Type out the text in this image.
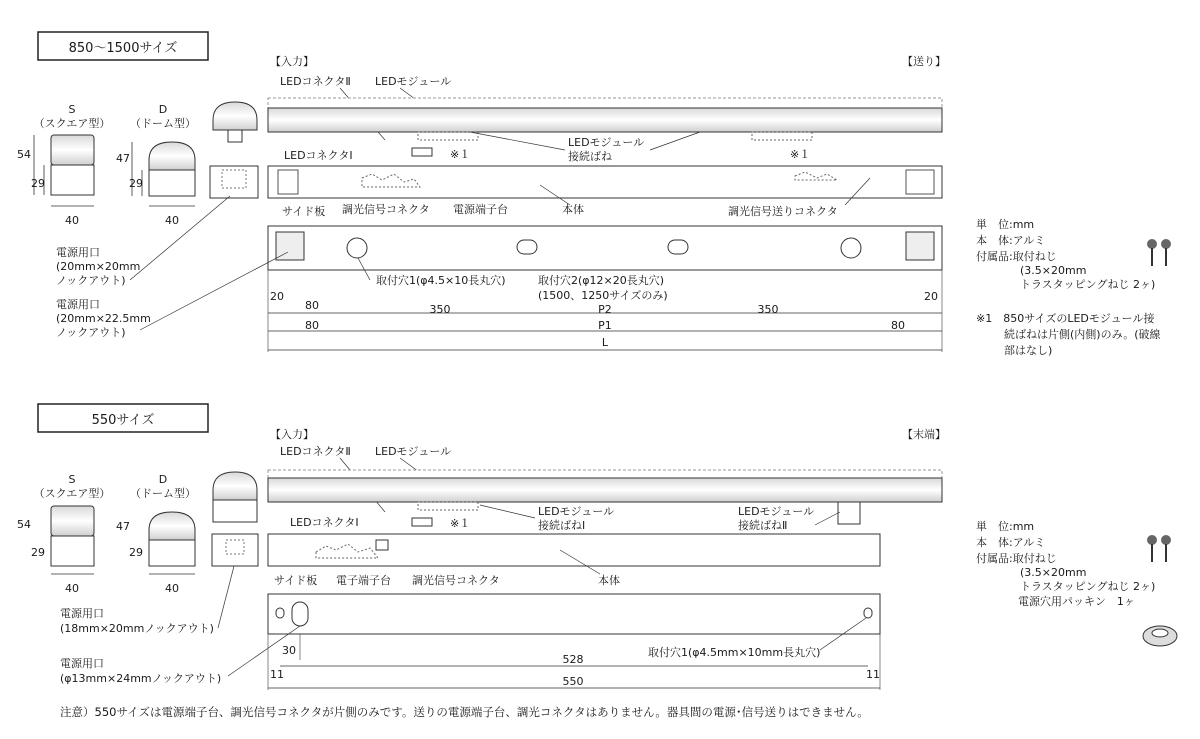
850〜1500サイズ
【入力】	【送り】
S
（スクエア型）
54
29
40
D
（ドーム型）
47
29
40
LEDコネクタⅡ LEDモジュール
※１	※１
LEDモジュール
接続ばね
LEDコネクタⅠ
サイド板 調光信号コネクタ 電源端子台	本体	調光信号送りコネクタ
電源用口
(20mm×20mm
ノックアウト)
電源用口
(20mm×22.5mm
ノックアウト)
取付穴1(φ4.5×10長丸穴)	取付穴2(φ12×20長丸穴)
(1500、1250サイズのみ)
20	20
80	350	P2	350
80	P1	80
L
単　位:mm
本　体:アルミ
付属品:取付ねじ
(3.5×20mm
トラスタッピングねじ 2ヶ)
※1　850サイズのLEDモジュール接
続ばねは片側(内側)のみ。(破線
部はなし)
550サイズ
【入力】	【末端】
S
（スクエア型）
54
29
40
D
（ドーム型）
47
29
40
LEDコネクタⅡ LEDモジュール
※１
LEDモジュール
接続ばねⅠ
LEDモジュール
接続ばねⅡ
LEDコネクタⅠ
サイド板 電子端子台 調光信号コネクタ	本体
電源用口
(18mm×20mmノックアウト)
電源用口
(φ13mm×24mmノックアウト)
取付穴1(φ4.5mm×10mm長丸穴)
30
528
11	11
550
単　位:mm
本　体:アルミ
付属品:取付ねじ
(3.5×20mm
トラスタッピングねじ 2ヶ)
電源穴用パッキン　1ヶ
注意）550サイズは電源端子台、調光信号コネクタが片側のみです。送りの電源端子台、調光コネクタはありません。器具間の電源･信号送りはできません。
